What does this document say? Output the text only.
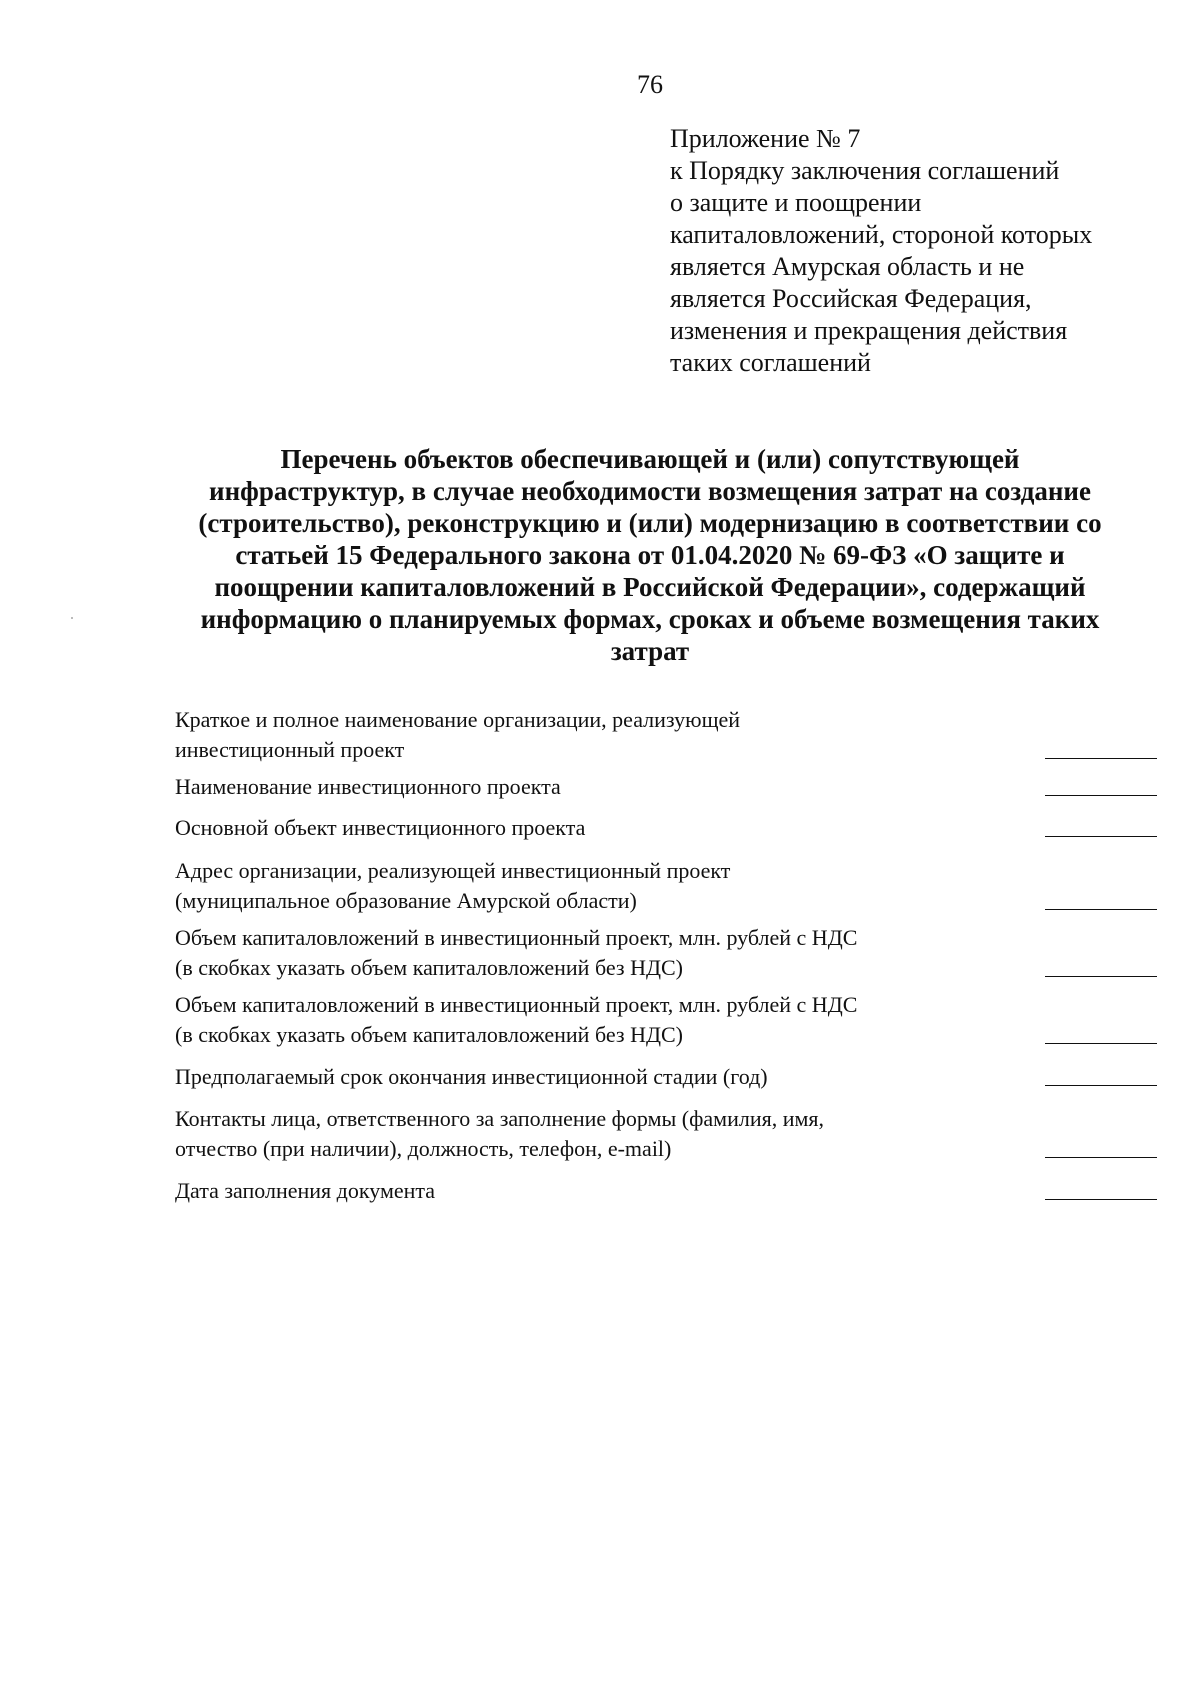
76
Приложение № 7
к Порядку заключения соглашений
о защите и поощрении
капиталовложений, стороной которых
является Амурская область и не
является Российская Федерация,
изменения и прекращения действия
таких соглашений
Перечень объектов обеспечивающей и (или) сопутствующей
инфраструктур, в случае необходимости возмещения затрат на создание
(строительство), реконструкцию и (или) модернизацию в соответствии со
статьей 15 Федерального закона от 01.04.2020 № 69-ФЗ «О защите и
поощрении капиталовложений в Российской Федерации», содержащий
информацию о планируемых формах, сроках и объеме возмещения таких
затрат
Краткое и полное наименование организации, реализующей
инвестиционный проект
Наименование инвестиционного проекта
Основной объект инвестиционного проекта
Адрес организации, реализующей инвестиционный проект
(муниципальное образование Амурской области)
Объем капиталовложений в инвестиционный проект, млн. рублей с НДС
(в скобках указать объем капиталовложений без НДС)
Объем капиталовложений в инвестиционный проект, млн. рублей с НДС
(в скобках указать объем капиталовложений без НДС)
Предполагаемый срок окончания инвестиционной стадии (год)
Контакты лица, ответственного за заполнение формы (фамилия, имя,
отчество (при наличии), должность, телефон, e-mail)
Дата заполнения документа
